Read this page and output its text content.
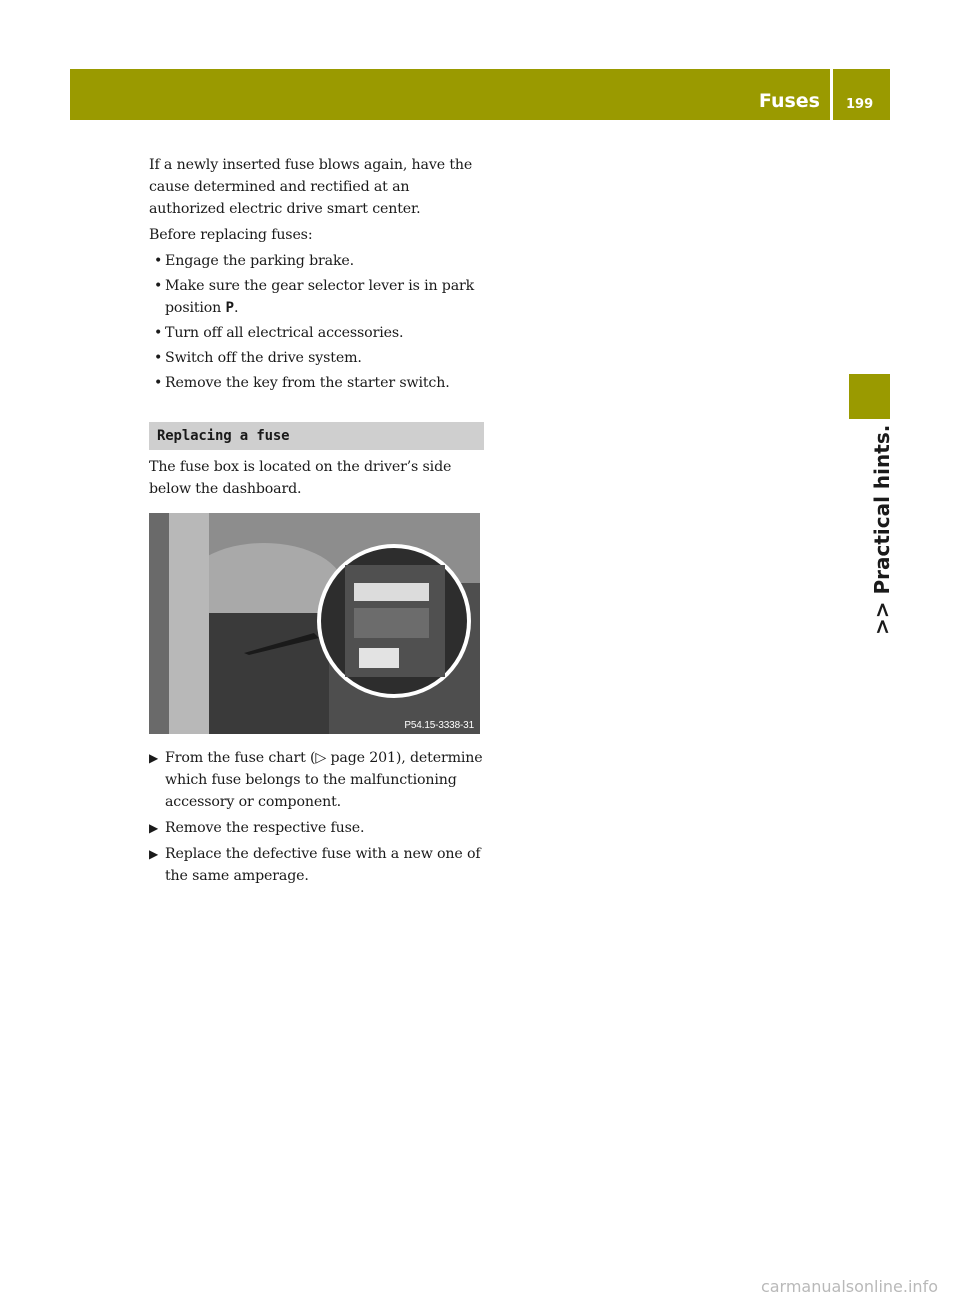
Fuses 199
>> Practical hints.

If a newly inserted fuse blows again, have the cause determined and rectified at an authorized electric drive smart center.

Before replacing fuses:

• Engage the parking brake.
• Make sure the gear selector lever is in park position P.
• Turn off all electrical accessories.
• Switch off the drive system.
• Remove the key from the starter switch.
Replacing a fuse

The fuse box is located on the driver’s side below the dashboard.

P54.15-3338-31
▶ From the fuse chart (▷ page 201), determine which fuse belongs to the malfunctioning accessory or component.
▶ Remove the respective fuse.
▶ Replace the defective fuse with a new one of the same amperage.
carmanualsonline.info
